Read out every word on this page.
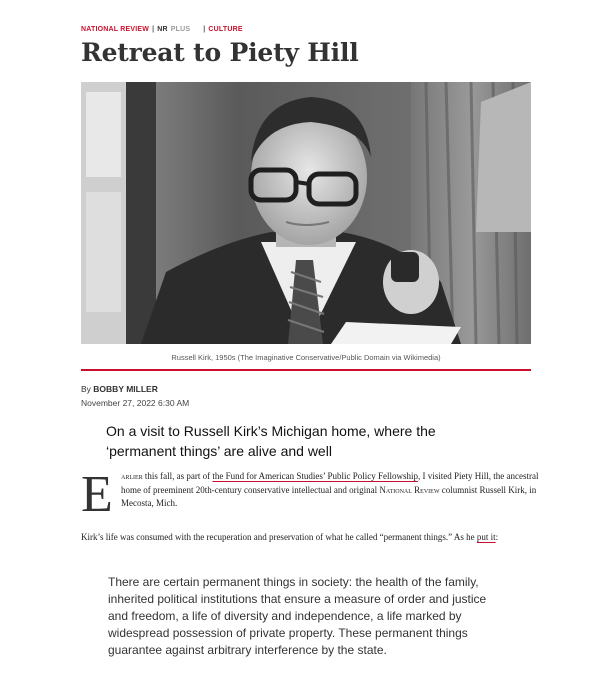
NATIONAL REVIEW | NR PLUS | CULTURE
Retreat to Piety Hill
Russell Kirk, 1950s (The Imaginative Conservative/Public Domain via Wikimedia)
By BOBBY MILLER
November 27, 2022 6:30 AM
On a visit to Russell Kirk’s Michigan home, where the ‘permanent things’ are alive and well
E arlier this fall, as part of the Fund for American Studies’ Public Policy Fellowship, I visited Piety Hill, the ancestral home of preeminent 20th-century conservative intellectual and original National Review columnist Russell Kirk, in Mecosta, Mich.

Kirk’s life was consumed with the recuperation and preservation of what he called “permanent things.” As he put it:

There are certain permanent things in society: the health of the family, inherited political institutions that ensure a measure of order and justice and freedom, a life of diversity and independence, a life marked by widespread possession of private property. These permanent things guarantee against arbitrary interference by the state.
